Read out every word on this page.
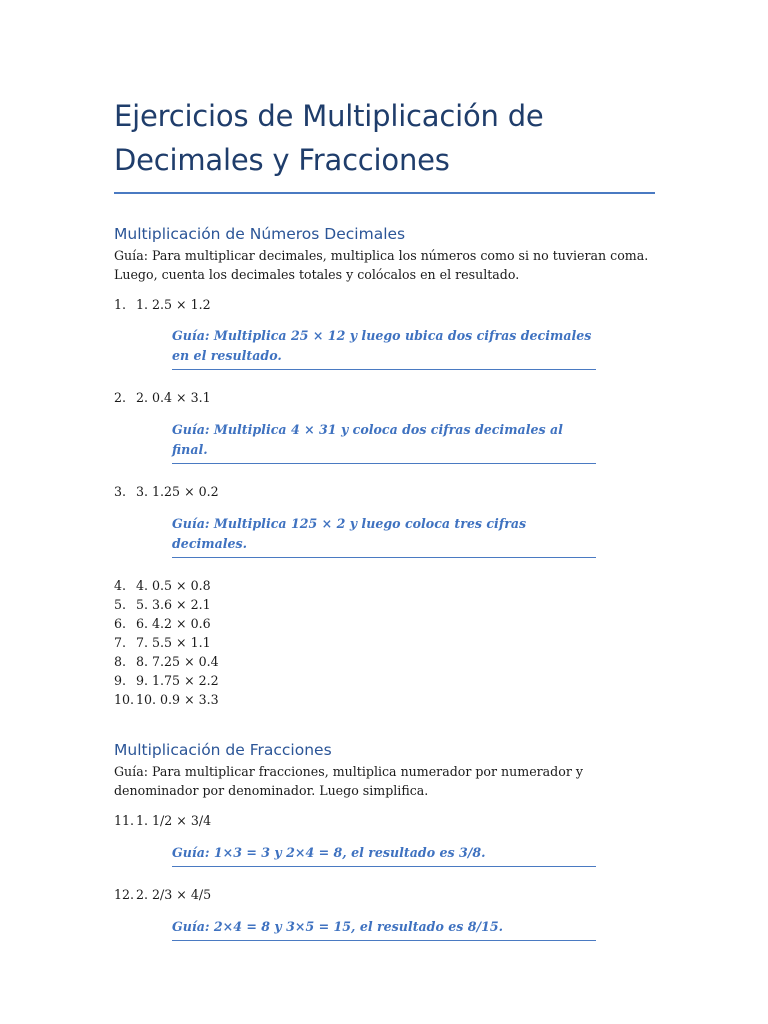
Ejercicios de Multiplicación de Decimales y Fracciones
Multiplicación de Números Decimales

Guía: Para multiplicar decimales, multiplica los números como si no tuvieran coma. Luego, cuenta los decimales totales y colócalos en el resultado.

1. 1. 2.5 × 1.2

Guía: Multiplica 25 × 12 y luego ubica dos cifras decimales en el resultado.

2. 2. 0.4 × 3.1

Guía: Multiplica 4 × 31 y coloca dos cifras decimales al final.

3. 3. 1.25 × 0.2

Guía: Multiplica 125 × 2 y luego coloca tres cifras decimales.
4. 4. 0.5 × 0.8
5. 5. 3.6 × 2.1
6. 6. 4.2 × 0.6
7. 7. 5.5 × 1.1
8. 8. 7.25 × 0.4
9. 9. 1.75 × 2.2
10. 10. 0.9 × 3.3
Multiplicación de Fracciones

Guía: Para multiplicar fracciones, multiplica numerador por numerador y denominador por denominador. Luego simplifica.

11. 1. 1/2 × 3/4

Guía: 1×3 = 3 y 2×4 = 8, el resultado es 3/8.

12. 2. 2/3 × 4/5

Guía: 2×4 = 8 y 3×5 = 15, el resultado es 8/15.
